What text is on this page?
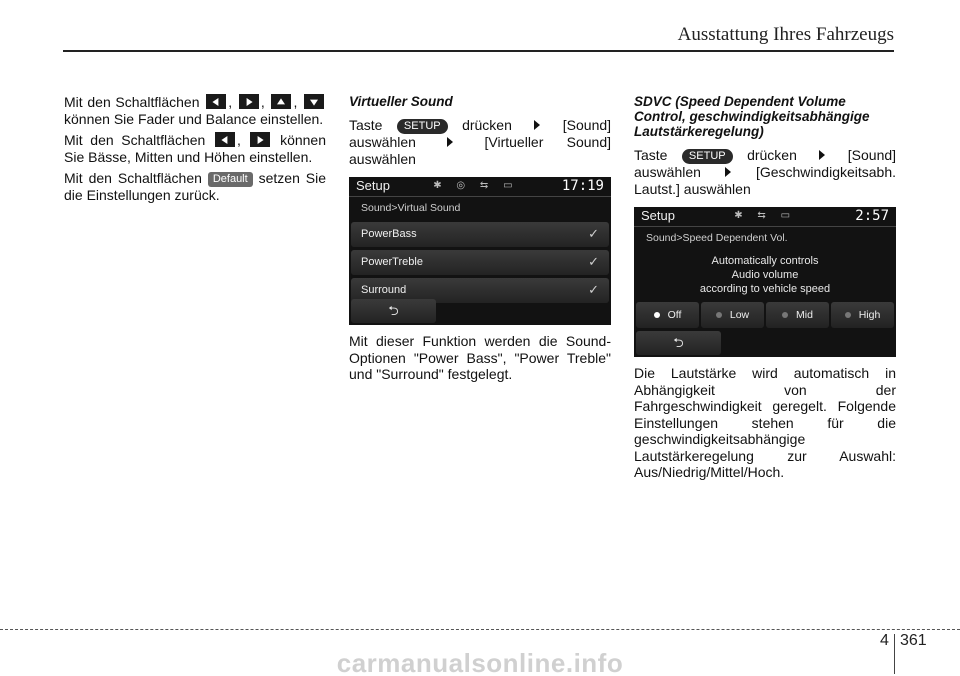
Ausstattung Ihres Fahrzeugs

Mit den Schaltflächen , , ,  können Sie Fader und Balance einstellen.

Mit den Schaltflächen ,  können Sie Bässe, Mitten und Höhen einstellen.

Mit den Schaltflächen Default setzen Sie die Einstellungen zurück.

Virtueller Sound

Taste SETUP drücken	[Sound] auswählen	[Virtueller Sound] auswählen

Setup	✱ ◎ ⇆ ▭	17:19
Sound>Virtual Sound
PowerBass	✓
PowerTreble	✓
Surround	✓
⮌

Mit dieser Funktion werden die Sound-Optionen "Power Bass", "Power Treble" und "Surround" festgelegt.

SDVC (Speed Dependent Volume Control, geschwindigkeitsabhängige Lautstärkeregelung)

Taste SETUP drücken	[Sound] auswählen	[Geschwindigkeitsabh. Lautst.] auswählen

Setup	✱ ⇆ ▭	2:57
Sound>Speed Dependent Vol.
Automatically controls
Audio volume
according to vehicle speed
Off	Low	Mid	High
⮌

Die Lautstärke wird automatisch in Abhängigkeit von der Fahrgeschwindigkeit geregelt. Folgende Einstellungen stehen für die geschwindigkeitsabhängige Lautstärkeregelung zur Auswahl: Aus/Niedrig/Mittel/Hoch.

4 361
carmanualsonline.info
